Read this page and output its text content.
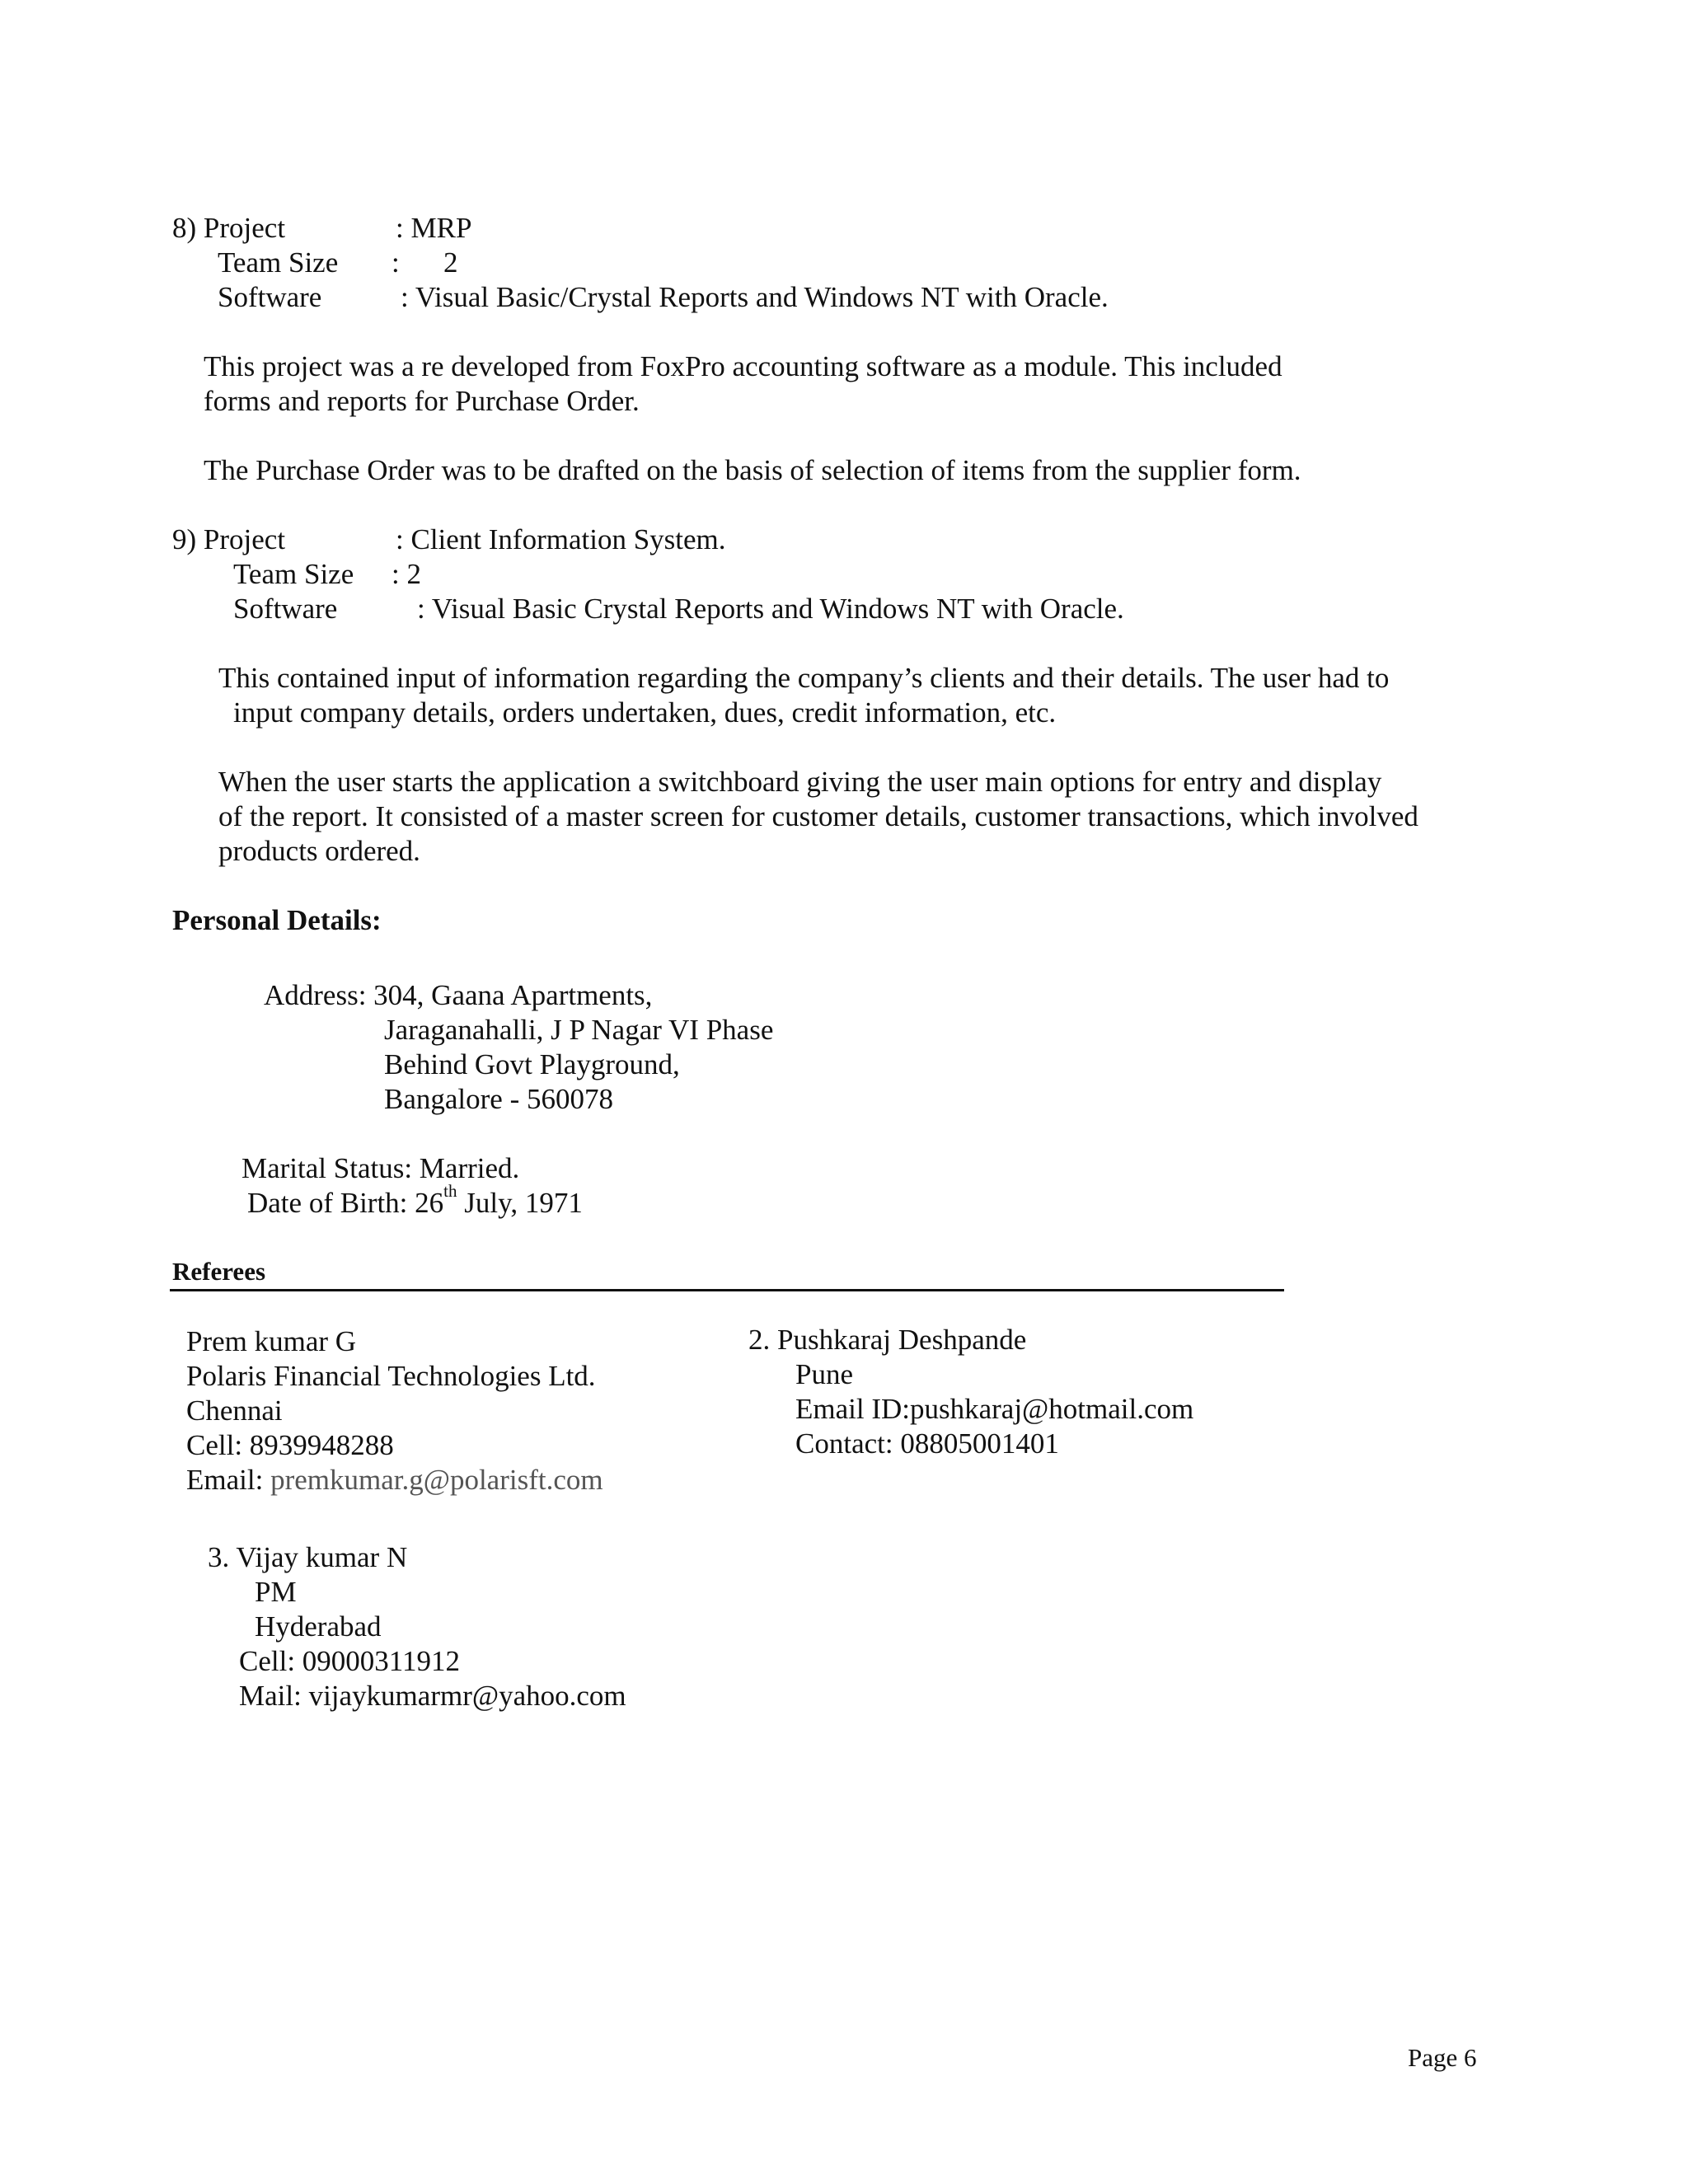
8) Project	: MRP
Team Size : 2
Software	: Visual Basic/Crystal Reports and Windows NT with Oracle.
This project was a re developed from FoxPro accounting software as a module. This included
forms and reports for Purchase Order.
The Purchase Order was to be drafted on the basis of selection of items from the supplier form.
9) Project	: Client Information System.
Team Size : 2
Software	: Visual Basic Crystal Reports and Windows NT with Oracle.
This contained input of information regarding the company’s clients and their details. The user had to
input company details, orders undertaken, dues, credit information, etc.
When the user starts the application a switchboard giving the user main options for entry and display
of the report. It consisted of a master screen for customer details, customer transactions, which involved
products ordered.
Personal Details:
Address: 304, Gaana Apartments,
Jaraganahalli, J P Nagar VI Phase
Behind Govt Playground,
Bangalore - 560078
Marital Status: Married.
Date of Birth: 26th July, 1971
Referees
Prem kumar G
Polaris Financial Technologies Ltd.
Chennai
Cell: 8939948288
Email: premkumar.g@polarisft.com
2. Pushkaraj Deshpande
Pune
Email ID:pushkaraj@hotmail.com
Contact: 08805001401
3. Vijay kumar N
PM
Hyderabad
Cell: 09000311912
Mail: vijaykumarmr@yahoo.com
Page 6
